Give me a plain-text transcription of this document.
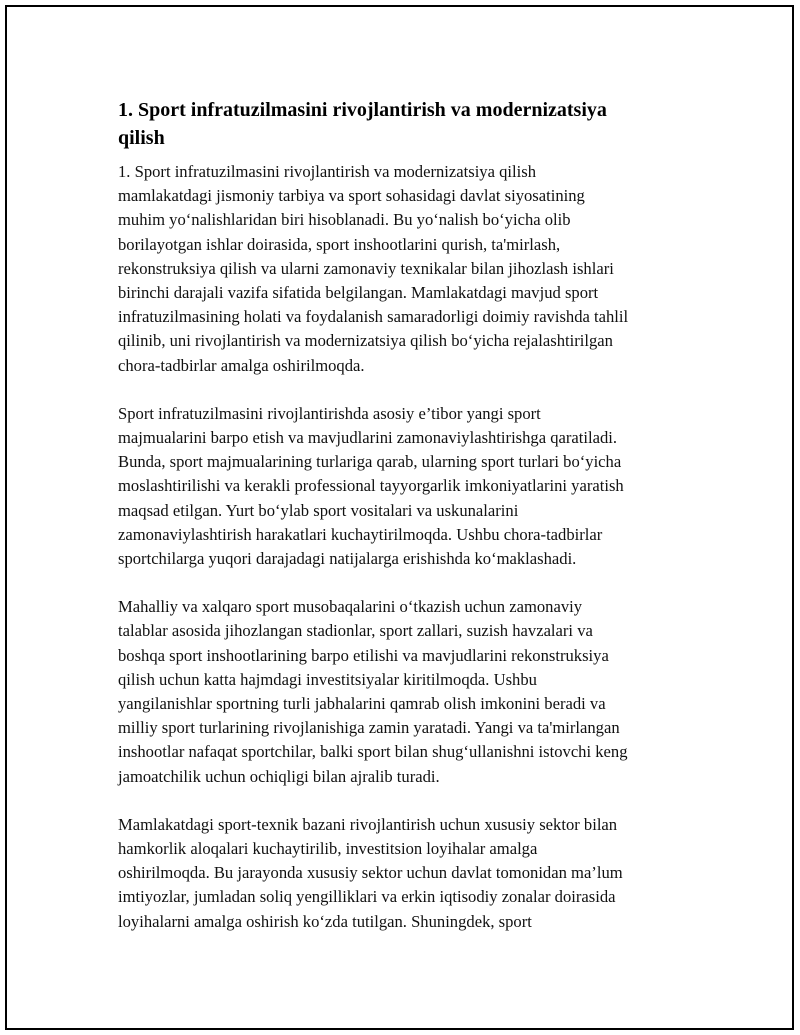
1. Sport infratuzilmasini rivojlantirish va modernizatsiya
qilish

1. Sport infratuzilmasini rivojlantirish va modernizatsiya qilish
mamlakatdagi jismoniy tarbiya va sport sohasidagi davlat siyosatining
muhim yo‘nalishlaridan biri hisoblanadi. Bu yo‘nalish bo‘yicha olib
borilayotgan ishlar doirasida, sport inshootlarini qurish, ta'mirlash,
rekonstruksiya qilish va ularni zamonaviy texnikalar bilan jihozlash ishlari
birinchi darajali vazifa sifatida belgilangan. Mamlakatdagi mavjud sport
infratuzilmasining holati va foydalanish samaradorligi doimiy ravishda tahlil
qilinib, uni rivojlantirish va modernizatsiya qilish bo‘yicha rejalashtirilgan
chora-tadbirlar amalga oshirilmoqda.

Sport infratuzilmasini rivojlantirishda asosiy e’tibor yangi sport
majmualarini barpo etish va mavjudlarini zamonaviylashtirishga qaratiladi.
Bunda, sport majmualarining turlariga qarab, ularning sport turlari bo‘yicha
moslashtirilishi va kerakli professional tayyorgarlik imkoniyatlarini yaratish
maqsad etilgan. Yurt bo‘ylab sport vositalari va uskunalarini
zamonaviylashtirish harakatlari kuchaytirilmoqda. Ushbu chora-tadbirlar
sportchilarga yuqori darajadagi natijalarga erishishda ko‘maklashadi.

Mahalliy va xalqaro sport musobaqalarini o‘tkazish uchun zamonaviy
talablar asosida jihozlangan stadionlar, sport zallari, suzish havzalari va
boshqa sport inshootlarining barpo etilishi va mavjudlarini rekonstruksiya
qilish uchun katta hajmdagi investitsiyalar kiritilmoqda. Ushbu
yangilanishlar sportning turli jabhalarini qamrab olish imkonini beradi va
milliy sport turlarining rivojlanishiga zamin yaratadi. Yangi va ta'mirlangan
inshootlar nafaqat sportchilar, balki sport bilan shug‘ullanishni istovchi keng
jamoatchilik uchun ochiqligi bilan ajralib turadi.

Mamlakatdagi sport-texnik bazani rivojlantirish uchun xususiy sektor bilan
hamkorlik aloqalari kuchaytirilib, investitsion loyihalar amalga
oshirilmoqda. Bu jarayonda xususiy sektor uchun davlat tomonidan ma’lum
imtiyozlar, jumladan soliq yengilliklari va erkin iqtisodiy zonalar doirasida
loyihalarni amalga oshirish ko‘zda tutilgan. Shuningdek, sport
